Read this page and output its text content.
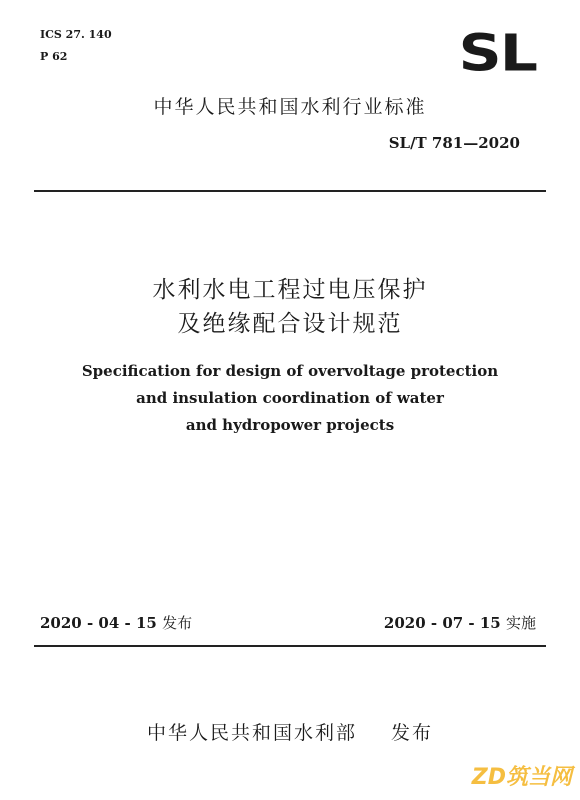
ICS 27. 140
P 62	SL
中华人民共和国水利行业标准
SL/T 781—2020
水利水电工程过电压保护
及绝缘配合设计规范
Specification for design of overvoltage protection
and insulation coordination of water
and hydropower projects
2020 - 04 - 15 发布	2020 - 07 - 15 实施
中华人民共和国水利部 发布
ZD筑当网
